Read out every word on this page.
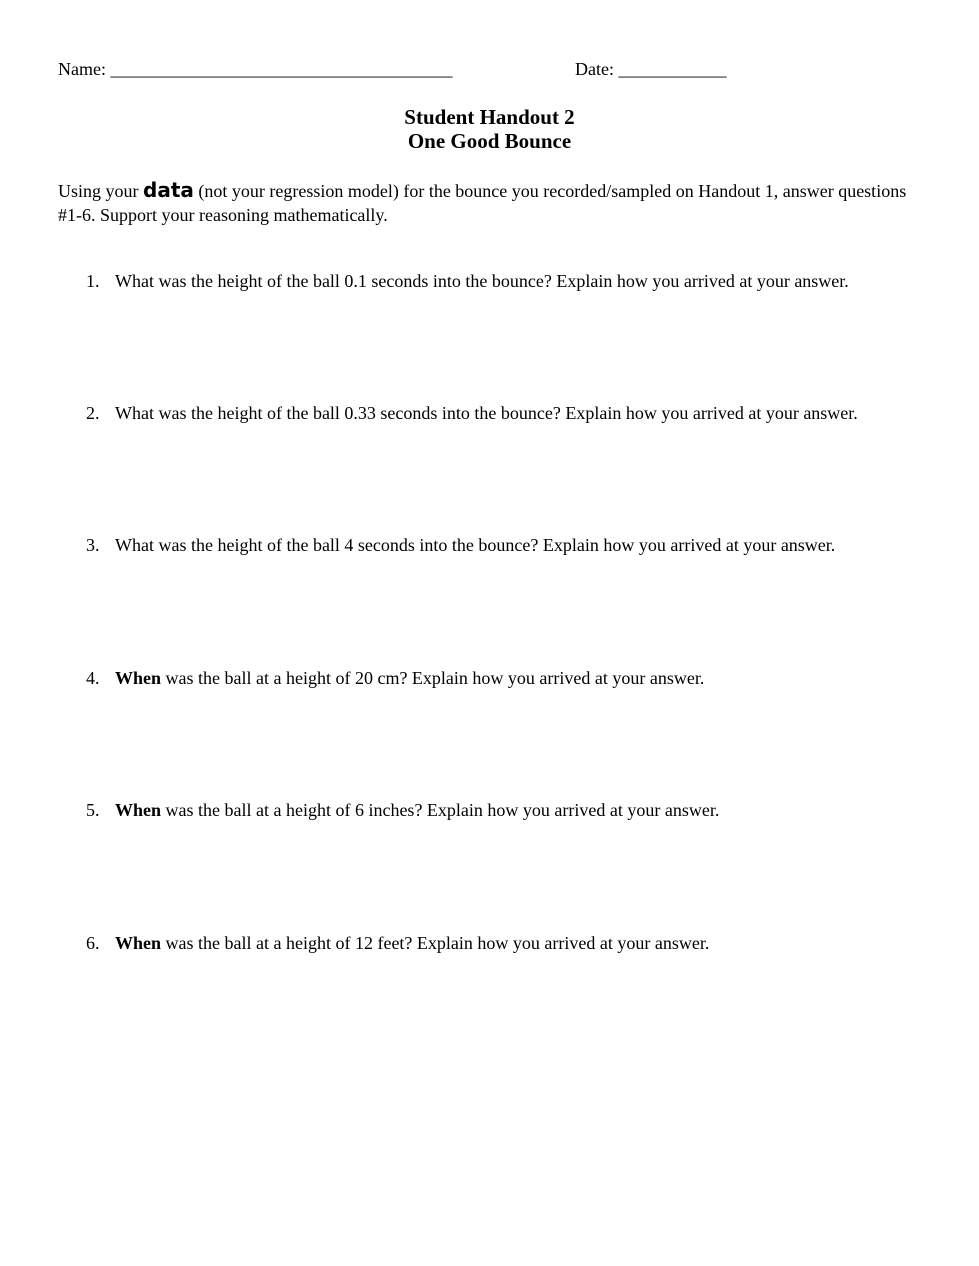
Name: ______________________________________	Date: ____________
Student Handout 2
One Good Bounce
Using your data (not your regression model) for the bounce you recorded/sampled on Handout 1, answer questions #1-6. Support your reasoning mathematically.
1. What was the height of the ball 0.1 seconds into the bounce? Explain how you arrived at your answer.
2. What was the height of the ball 0.33 seconds into the bounce? Explain how you arrived at your answer.
3. What was the height of the ball 4 seconds into the bounce? Explain how you arrived at your answer.
4. When was the ball at a height of 20 cm? Explain how you arrived at your answer.
5. When was the ball at a height of 6 inches? Explain how you arrived at your answer.
6. When was the ball at a height of 12 feet? Explain how you arrived at your answer.
